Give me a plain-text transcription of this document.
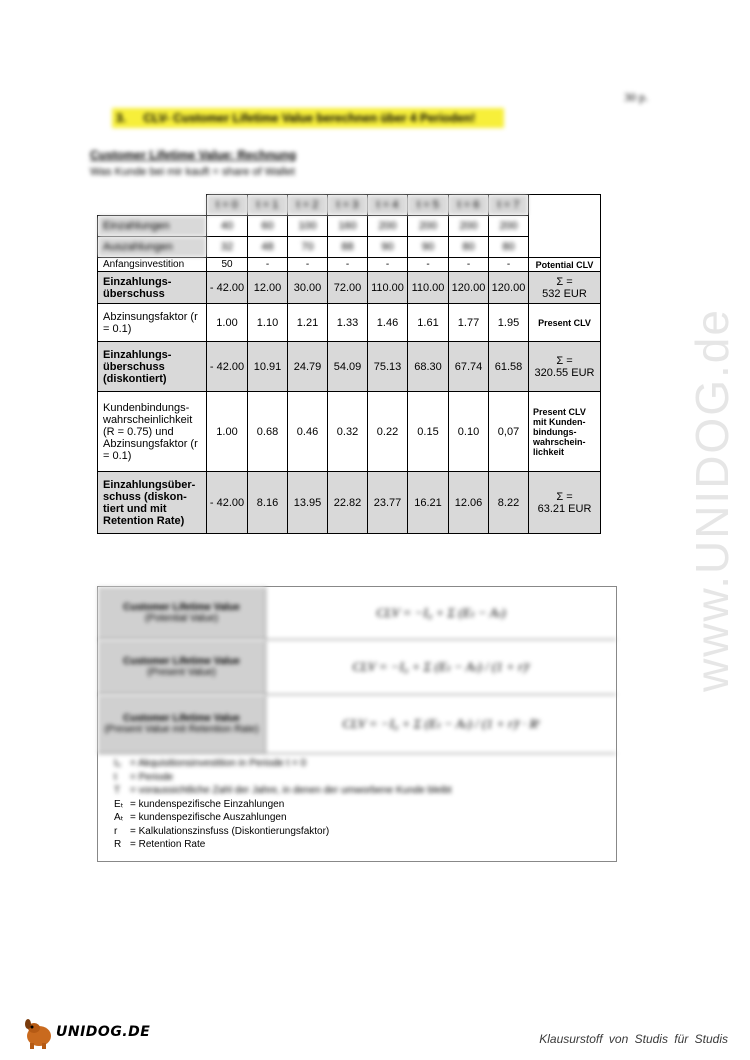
30 p.
3. CLV- Customer Lifetime Value berechnen über 4 Perioden!
Customer Lifetime Value: Rechnung
Was Kunde bei mir kauft = share of Wallet
	t = 0	t = 1	t = 2	t = 3	t = 4	t = 5	t = 6	t = 7	
Einzahlungen	40	60	100	160	200	200	200	200	
Auszahlungen	32	48	70	88	90	90	80	80	
Anfangsinvestition	50	-	-	-	-	-	-	-	Potential CLV
Einzahlungs-überschuss	- 42.00	12.00	30.00	72.00	110.00	110.00	120.00	120.00	Σ =
532 EUR

Abzinsungsfaktor (r = 0.1)	1.00	1.10	1.21	1.33	1.46	1.61	1.77	1.95	Present CLV
Einzahlungs-überschuss (diskontiert)	- 42.00	10.91	24.79	54.09	75.13	68.30	67.74	61.58	Σ =
320.55 EUR

Kundenbindungs-wahrscheinlichkeit (R = 0.75) und Abzinsungsfaktor (r = 0.1)	1.00	0.68	0.46	0.32	0.22	0.15	0.10	0,07	Present CLV mit Kunden-bindungs-wahrschein-lichkeit
Einzahlungsüber-schuss (diskon-tiert und mit Retention Rate)	- 42.00	8.16	13.95	22.82	23.77	16.21	12.06	8.22	Σ =
63.21 EUR
Customer Lifetime Value
(Potential Value)	CLV = −I₀ + Σ (Eₜ − Aₜ)
Customer Lifetime Value
(Present Value)	CLV = −I₀ + Σ (Eₜ − Aₜ) / (1 + r)ᵗ
Customer Lifetime Value
(Present Value mit Retention Rate)	CLV = −I₀ + Σ (Eₜ − Aₜ) / (1 + r)ᵗ · Rᵗ
I₀ = Akquisitionsinvestition in Periode t = 0
t	= Periode
T = voraussichtliche Zahl der Jahre, in denen der umworbene Kunde bleibt
Eₜ = kundenspezifische Einzahlungen
Aₜ = kundenspezifische Auszahlungen
r	= Kalkulationszinsfuss (Diskontierungsfaktor)
R = Retention Rate
www.UNIDOG.de
UNIDOG.DE	Klausurstoff von Studis für Studis
